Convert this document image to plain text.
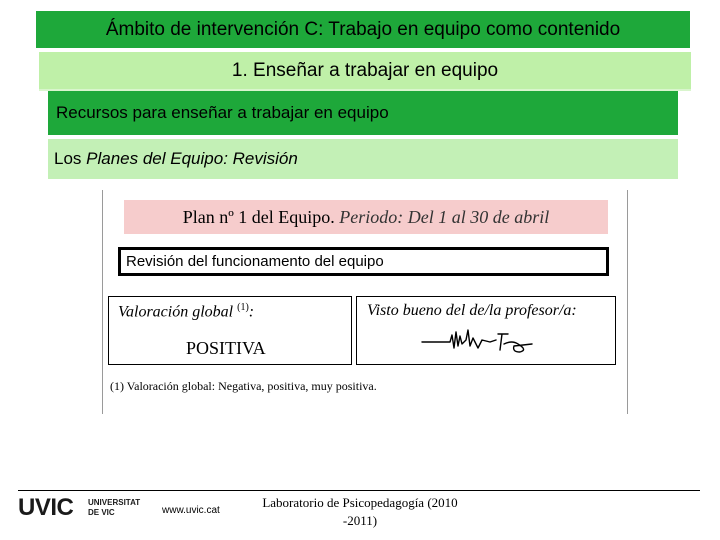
Ámbito de intervención C: Trabajo en equipo como contenido
1. Enseñar a trabajar en equipo
Recursos para enseñar a trabajar en equipo
Los Planes del Equipo: Revisión
Plan nº 1 del Equipo. Periodo: Del 1 al 30 de abril
Revisión del funcionamento del equipo
Valoración global $^{(1)}$:
POSITIVA
Visto bueno del de/la profesor/a:
(1) Valoración global: Negativa, positiva, muy positiva.
UVIC UNIVERSITAT
DE VIC	www.uvic.cat
Laboratorio de Psicopedagogía (2010
-2011)
